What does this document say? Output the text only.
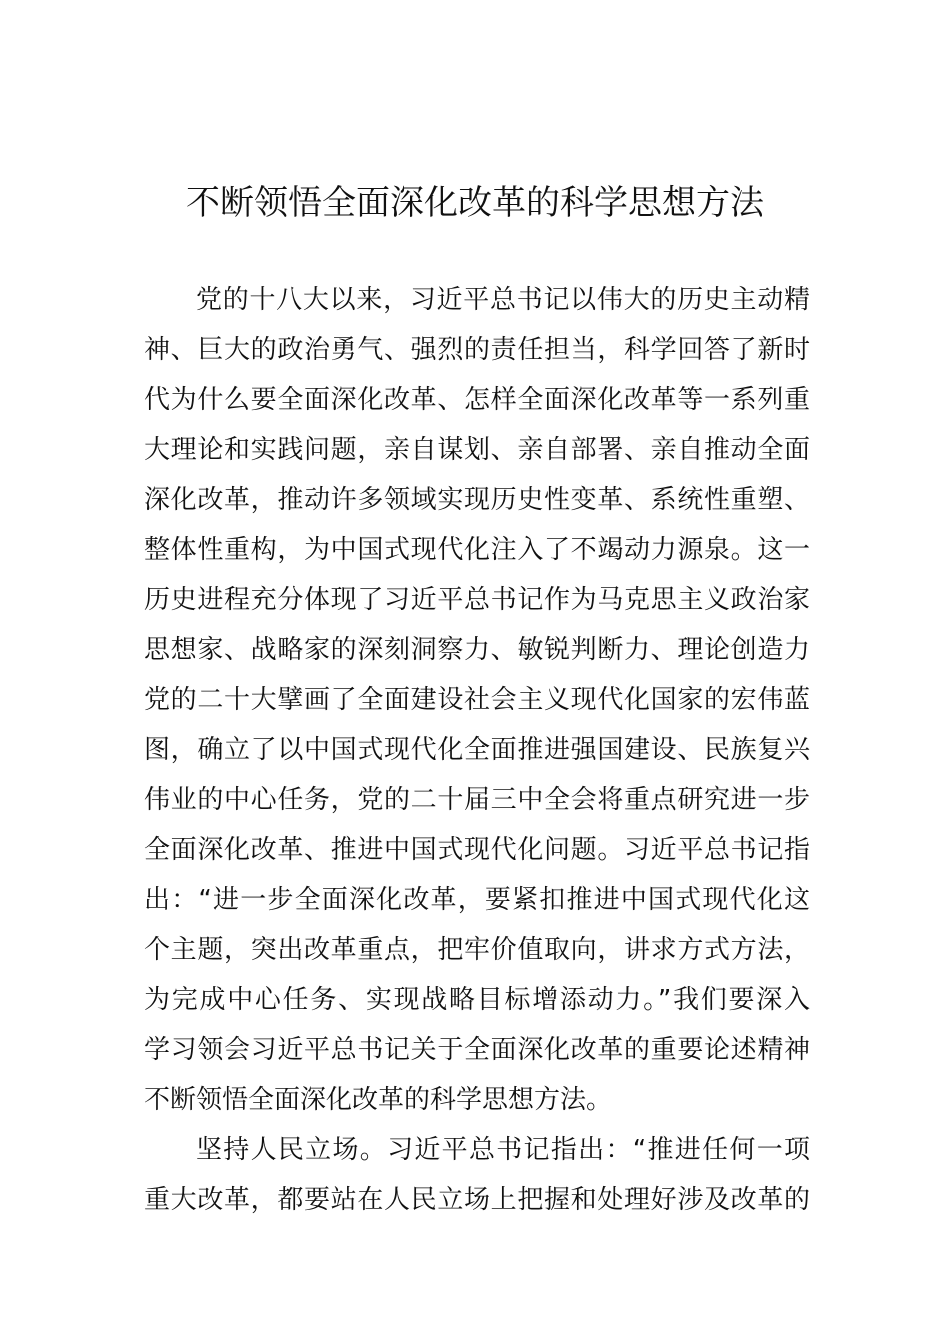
不断领悟全面深化改革的科学思想方法
党的十八大以来，习近平总书记以伟大的历史主动精
神、巨大的政治勇气、强烈的责任担当，科学回答了新时
代为什么要全面深化改革、怎样全面深化改革等一系列重
大理论和实践问题，亲自谋划、亲自部署、亲自推动全面
深化改革，推动许多领域实现历史性变革、系统性重塑、
整体性重构，为中国式现代化注入了不竭动力源泉。这一
历史进程充分体现了习近平总书记作为马克思主义政治家
思想家、战略家的深刻洞察力、敏锐判断力、理论创造力
党的二十大擘画了全面建设社会主义现代化国家的宏伟蓝
图，确立了以中国式现代化全面推进强国建设、民族复兴
伟业的中心任务，党的二十届三中全会将重点研究进一步
全面深化改革、推进中国式现代化问题。习近平总书记指
出：“进一步全面深化改革，要紧扣推进中国式现代化这
个主题，突出改革重点，把牢价值取向，讲求方式方法，
为完成中心任务、实现战略目标增添动力。”我们要深入
学习领会习近平总书记关于全面深化改革的重要论述精神
不断领悟全面深化改革的科学思想方法。
坚持人民立场。习近平总书记指出：“推进任何一项
重大改革，都要站在人民立场上把握和处理好涉及改革的
